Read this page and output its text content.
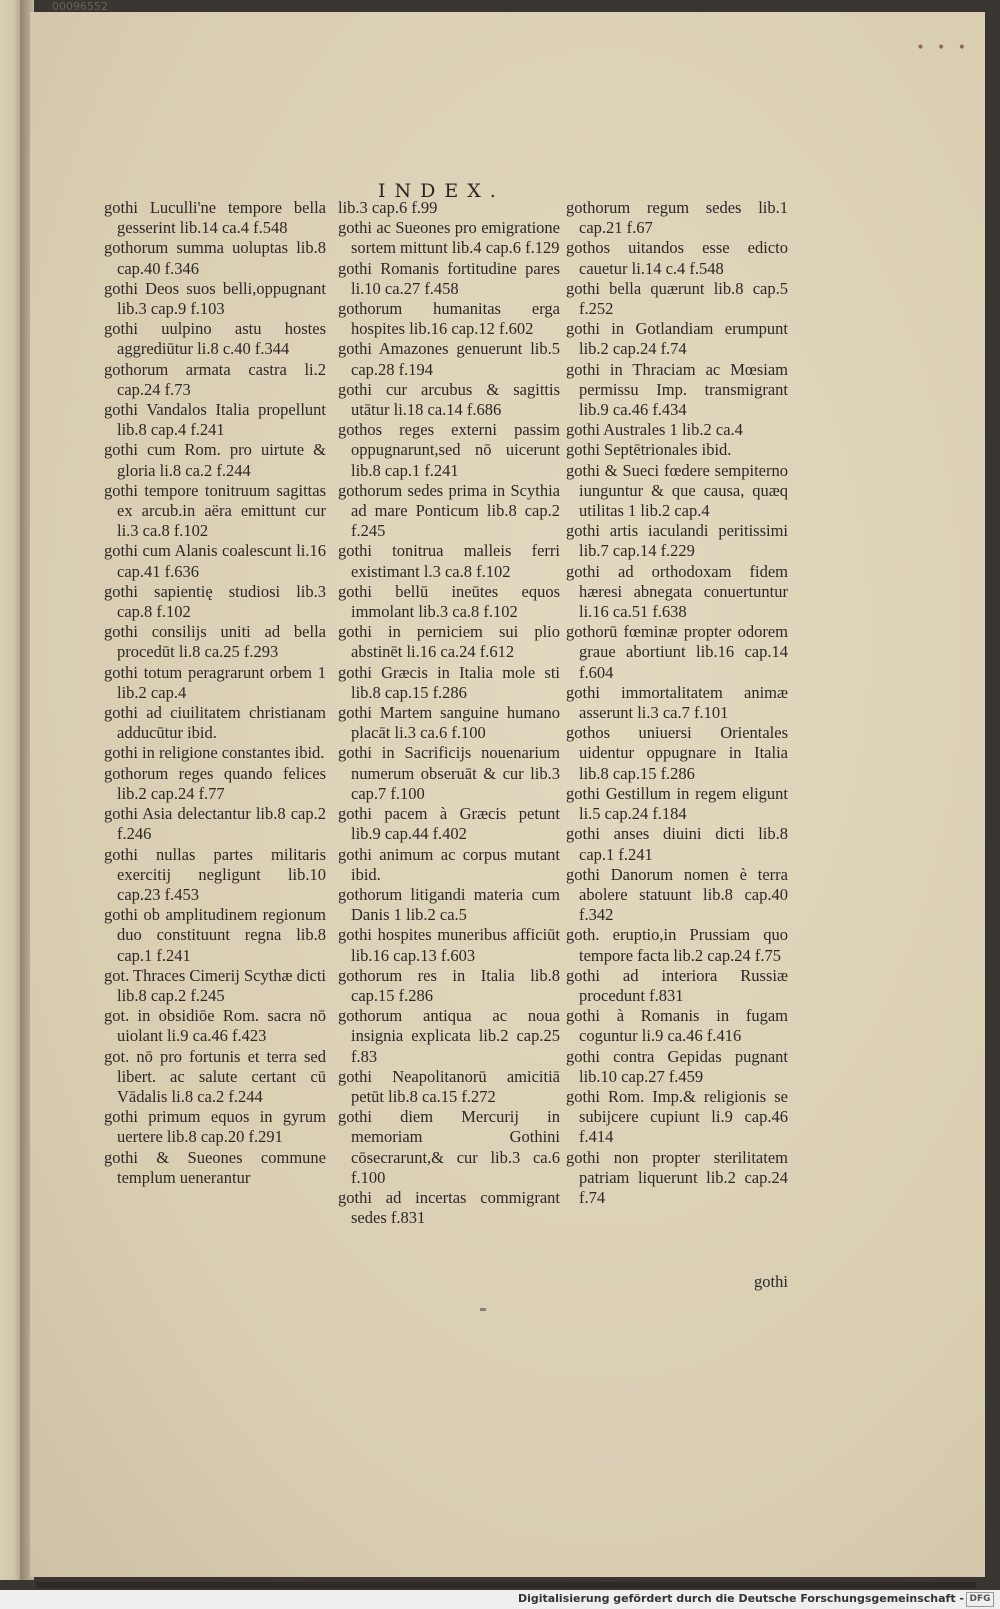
00096552
• • •
INDEX.

gothi Luculli'ne tempore bella gesserint lib.14 ca.4 f.548

gothorum summa uoluptas lib.8 cap.40 f.346

gothi Deos suos belli,oppugnant lib.3 cap.9 f.103

gothi uulpino astu hostes aggrediūtur li.8 c.40 f.344

gothorum armata castra li.2 cap.24 f.73

gothi Vandalos Italia propellunt lib.8 cap.4 f.241

gothi cum Rom. pro uirtute & gloria li.8 ca.2 f.244

gothi tempore tonitruum sagittas ex arcub.in aëra emittunt cur li.3 ca.8 f.102

gothi cum Alanis coalescunt li.16 cap.41 f.636

gothi sapientię studiosi lib.3 cap.8 f.102

gothi consilijs uniti ad bella procedūt li.8 ca.25 f.293

gothi totum peragrarunt orbem 1 lib.2 cap.4

gothi ad ciuilitatem christianam adducūtur ibid.

gothi in religione constantes ibid.

gothorum reges quando felices lib.2 cap.24 f.77

gothi Asia delectantur lib.8 cap.2 f.246

gothi nullas partes militaris exercitij negligunt lib.10 cap.23 f.453

gothi ob amplitudinem regionum duo constituunt regna lib.8 cap.1 f.241

got. Thraces Cimerij Scythæ dicti lib.8 cap.2 f.245

got. in obsidiōe Rom. sacra nō uiolant li.9 ca.46 f.423

got. nō pro fortunis et terra sed libert. ac salute certant cū Vādalis li.8 ca.2 f.244

gothi primum equos in gyrum uertere lib.8 cap.20 f.291

gothi & Sueones commune templum uenerantur

lib.3 cap.6 f.99

gothi ac Sueones pro emigratione sortem mittunt lib.4 cap.6 f.129

gothi Romanis fortitudine pares li.10 ca.27 f.458

gothorum humanitas erga hospites lib.16 cap.12 f.602

gothi Amazones genuerunt lib.5 cap.28 f.194

gothi cur arcubus & sagittis utātur li.18 ca.14 f.686

gothos reges externi passim oppugnarunt,sed nō uicerunt lib.8 cap.1 f.241

gothorum sedes prima in Scythia ad mare Ponticum lib.8 cap.2 f.245

gothi tonitrua malleis ferri existimant l.3 ca.8 f.102

gothi bellū ineūtes equos immolant lib.3 ca.8 f.102

gothi in perniciem sui plio abstinēt li.16 ca.24 f.612

gothi Græcis in Italia mole sti lib.8 cap.15 f.286

gothi Martem sanguine humano placāt li.3 ca.6 f.100

gothi in Sacrificijs nouenarium numerum obseruāt & cur lib.3 cap.7 f.100

gothi pacem à Græcis petunt lib.9 cap.44 f.402

gothi animum ac corpus mutant ibid.

gothorum litigandi materia cum Danis 1 lib.2 ca.5

gothi hospites muneribus afficiūt lib.16 cap.13 f.603

gothorum res in Italia lib.8 cap.15 f.286

gothorum antiqua ac noua insignia explicata lib.2 cap.25 f.83

gothi Neapolitanorū amicitiā petūt lib.8 ca.15 f.272

gothi diem Mercurij in memoriam Gothini cōsecrarunt,& cur lib.3 ca.6 f.100

gothi ad incertas commigrant sedes f.831

gothorum regum sedes lib.1 cap.21 f.67

gothos uitandos esse edicto cauetur li.14 c.4 f.548

gothi bella quærunt lib.8 cap.5 f.252

gothi in Gotlandiam erumpunt lib.2 cap.24 f.74

gothi in Thraciam ac Mœsiam permissu Imp. transmigrant lib.9 ca.46 f.434

gothi Australes 1 lib.2 ca.4

gothi Septētrionales ibid.

gothi & Sueci fœdere sempiterno iunguntur & que causa, quæq utilitas 1 lib.2 cap.4

gothi artis iaculandi peritissimi lib.7 cap.14 f.229

gothi ad orthodoxam fidem hæresi abnegata conuertuntur li.16 ca.51 f.638

gothorū fœminæ propter odorem graue abortiunt lib.16 cap.14 f.604

gothi immortalitatem animæ asserunt li.3 ca.7 f.101

gothos uniuersi Orientales uidentur oppugnare in Italia lib.8 cap.15 f.286

gothi Gestillum in regem eligunt li.5 cap.24 f.184

gothi anses diuini dicti lib.8 cap.1 f.241

gothi Danorum nomen è terra abolere statuunt lib.8 cap.40 f.342

goth. eruptio,in Prussiam quo tempore facta lib.2 cap.24 f.75

gothi ad interiora Russiæ procedunt f.831

gothi à Romanis in fugam coguntur li.9 ca.46 f.416

gothi contra Gepidas pugnant lib.10 cap.27 f.459

gothi Rom. Imp.& religionis se subijcere cupiunt li.9 cap.46 f.414

gothi non propter sterilitatem patriam liquerunt lib.2 cap.24 f.74

gothi
Digitalisierung gefördert durch die Deutsche Forschungsgemeinschaft - DFG
